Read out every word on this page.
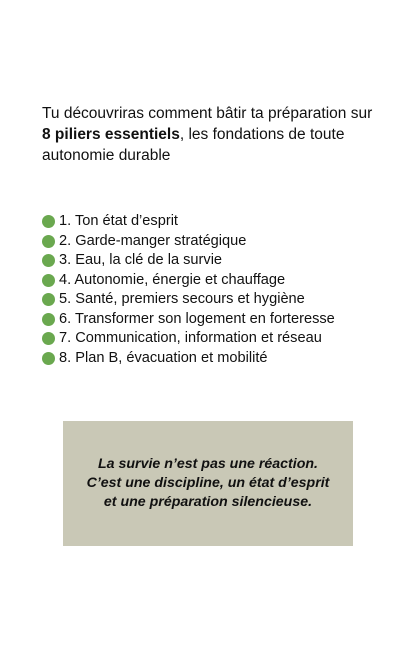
Tu découvriras comment bâtir ta préparation sur 8 piliers essentiels, les fondations de toute autonomie durable

1. Ton état d’esprit
2. Garde-manger stratégique
3. Eau, la clé de la survie
4. Autonomie, énergie et chauffage
5. Santé, premiers secours et hygiène
6. Transformer son logement en forteresse
7. Communication, information et réseau
8. Plan B, évacuation et mobilité
La survie n’est pas une réaction.
C’est une discipline, un état d’esprit
et une préparation silencieuse.
